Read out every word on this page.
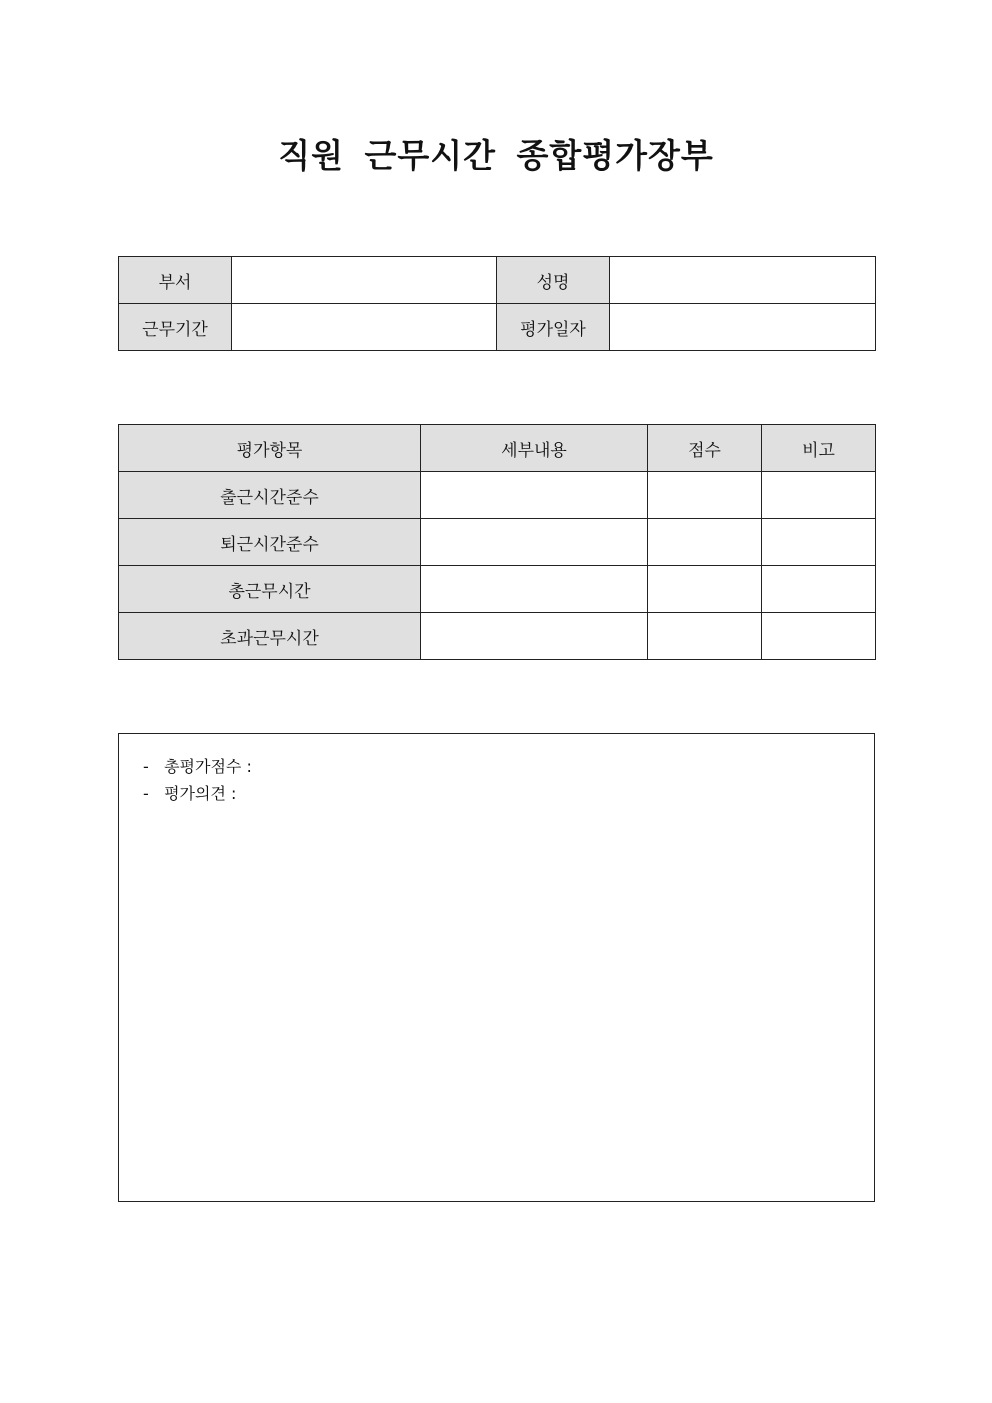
직원 근무시간 종합평가장부
부서		성명	
근무기간		평가일자	
평가항목	세부내용	점수	비고
출근시간준수			
퇴근시간준수			
총근무시간			
초과근무시간			
- 총평가점수 :
- 평가의견 :
